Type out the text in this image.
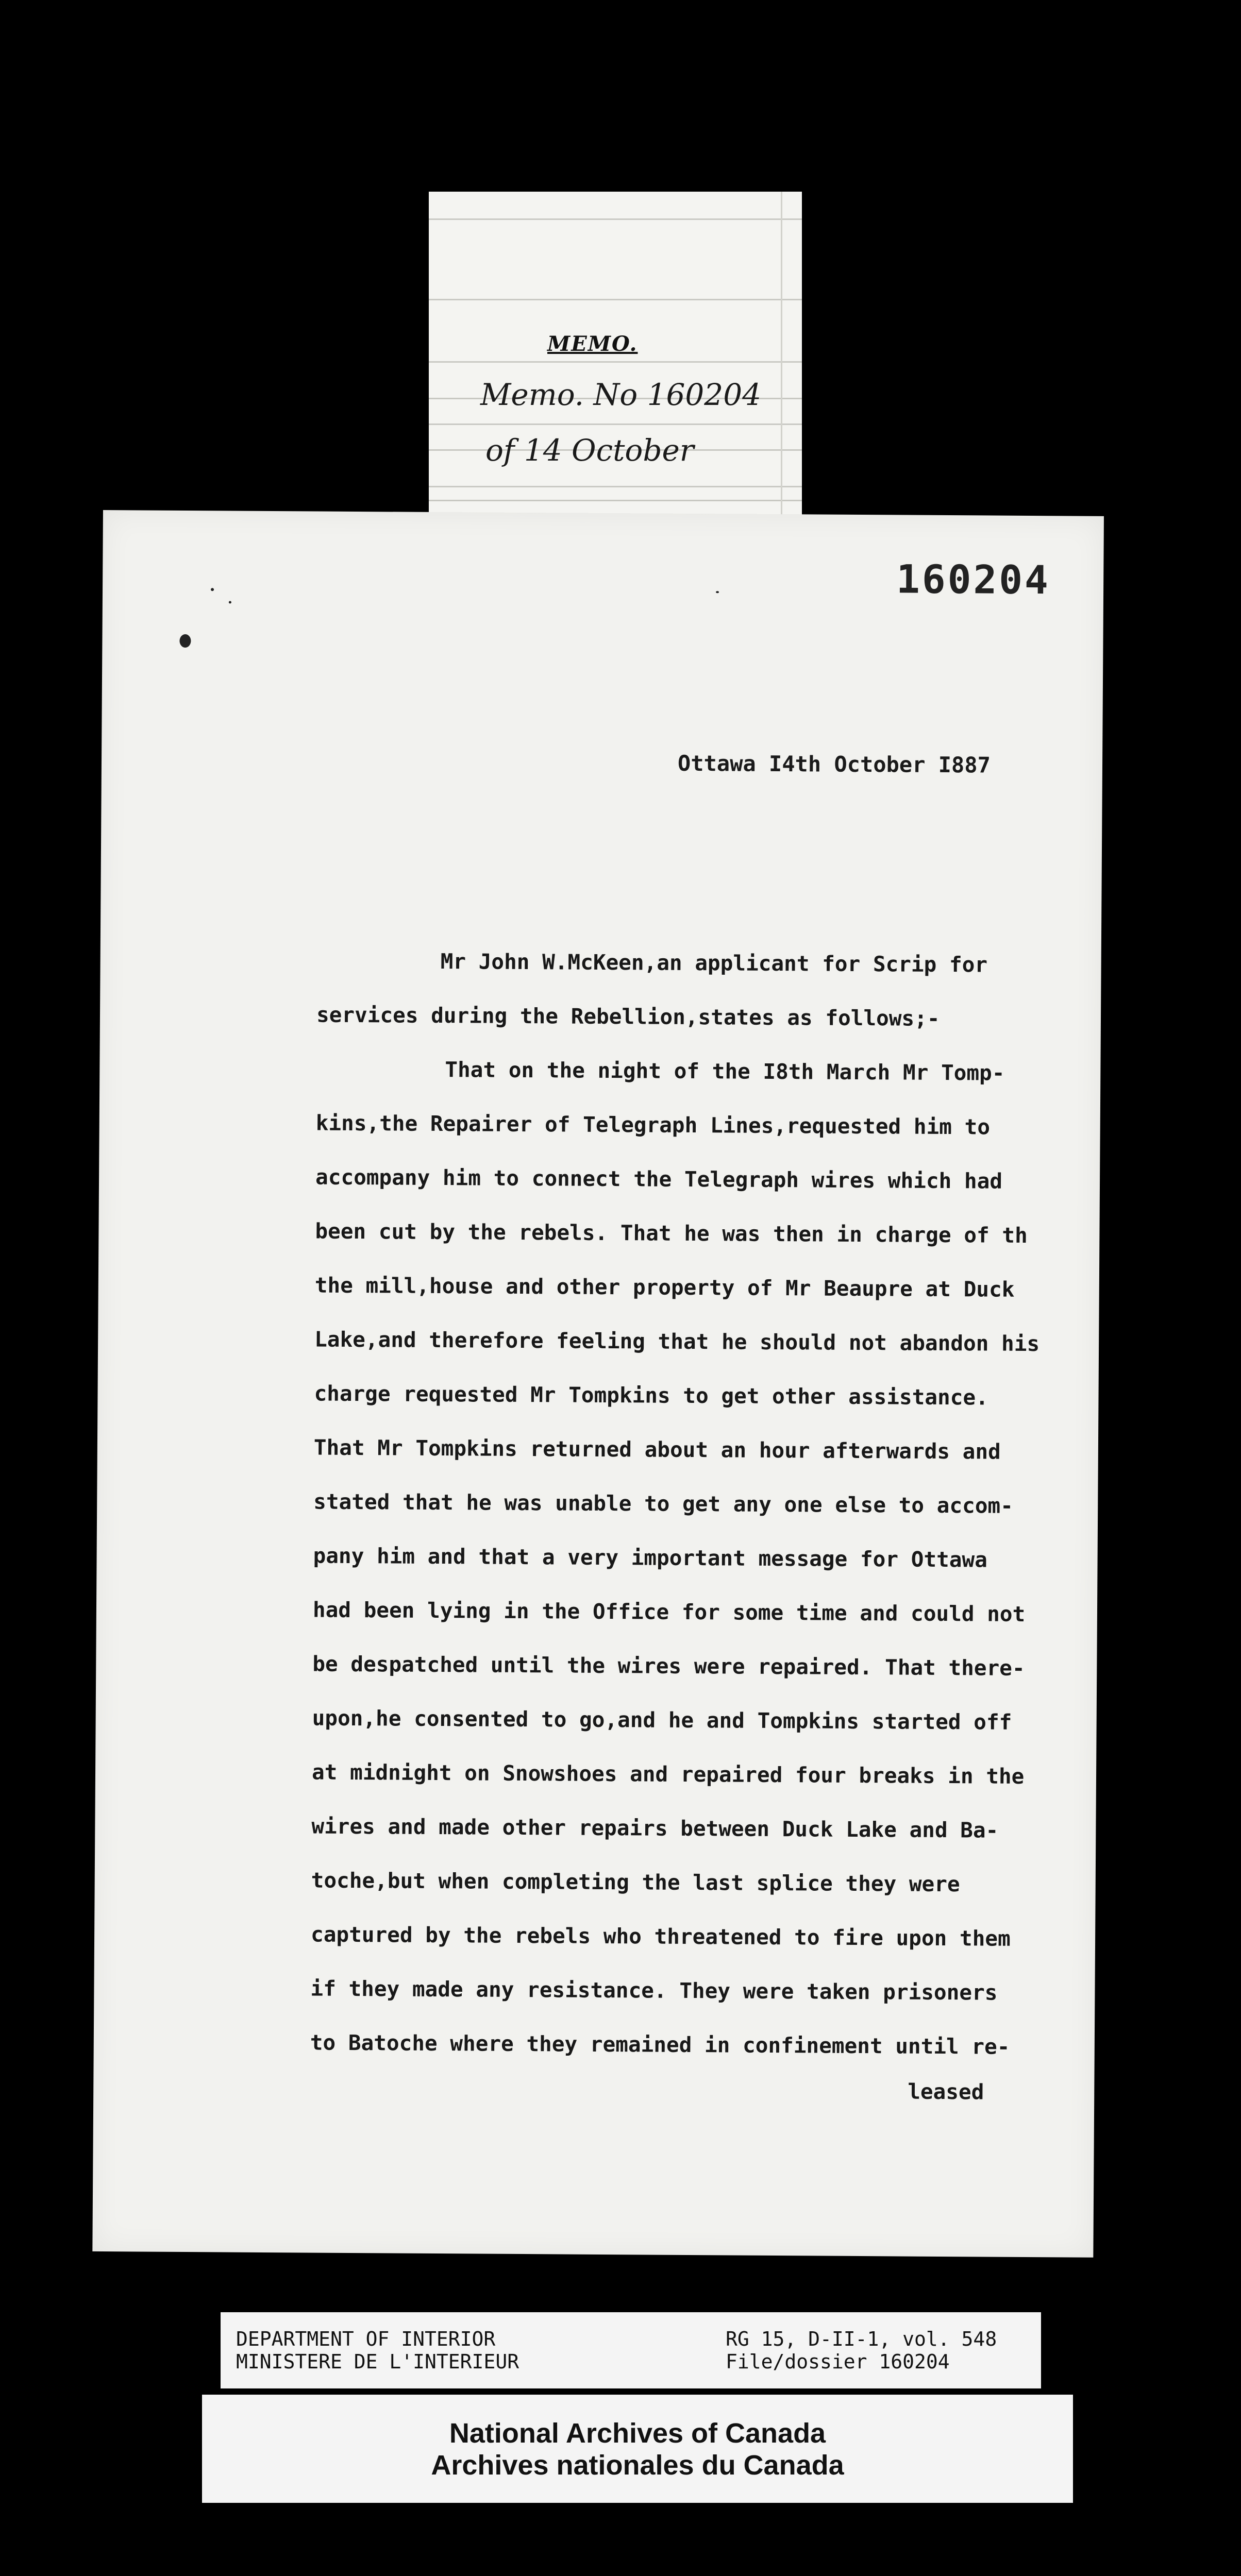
MEMO.
Memo. No 160204
of 14 October
160204
Ottawa I4th October I887
Mr John W.McKeen,an applicant for Scrip for
services during the Rebellion,states as follows;-
That on the night of the I8th March Mr Tomp-
kins,the Repairer of Telegraph Lines,requested him to
accompany him to connect the Telegraph wires which had
been cut by the rebels. That he was then in charge of th
the mill,house and other property of Mr Beaupre at Duck
Lake,and therefore feeling that he should not abandon his
charge requested Mr Tompkins to get other assistance.
That Mr Tompkins returned about an hour afterwards and
stated that he was unable to get any one else to accom-
pany him and that a very important message for Ottawa
had been lying in the Office for some time and could not
be despatched until the wires were repaired. That there-
upon,he consented to go,and he and Tompkins started off
at midnight on Snowshoes and repaired four breaks in the
wires and made other repairs between Duck Lake and Ba-
toche,but when completing the last splice they were
captured by the rebels who threatened to fire upon them
if they made any resistance. They were taken prisoners
to Batoche where they remained in confinement until re-
leased
DEPARTMENT OF INTERIOR
MINISTERE DE L'INTERIEUR
RG 15, D-II-1, vol. 548
File/dossier 160204
National Archives of Canada
Archives nationales du Canada
